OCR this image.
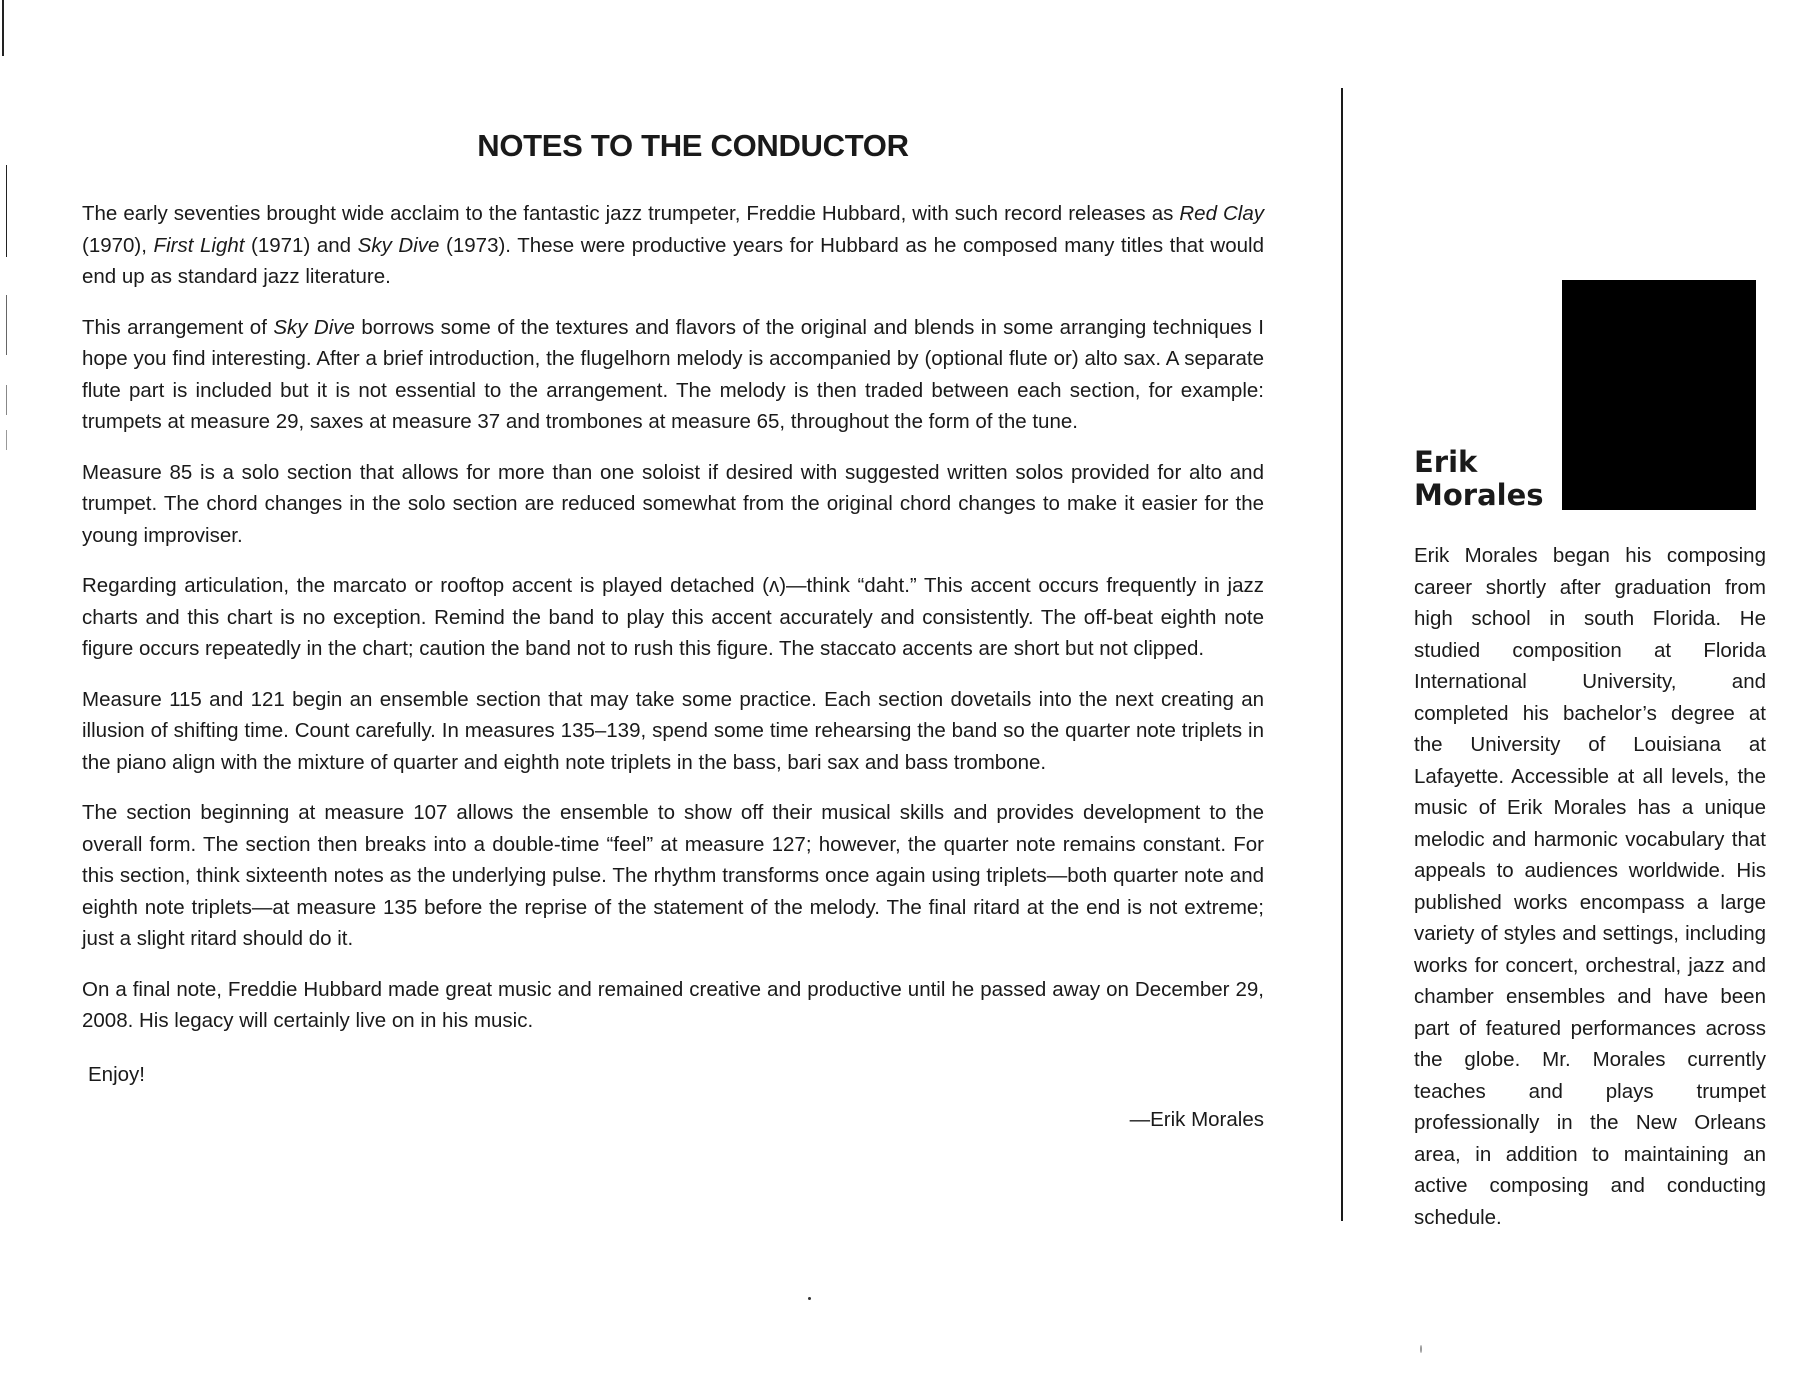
NOTES TO THE CONDUCTOR

The early seventies brought wide acclaim to the fantastic jazz trumpeter, Freddie Hubbard, with such record releases as Red Clay (1970), First Light (1971) and Sky Dive (1973). These were productive years for Hubbard as he composed many titles that would end up as standard jazz literature.

This arrangement of Sky Dive borrows some of the textures and flavors of the original and blends in some arranging techniques I hope you find interesting. After a brief introduction, the flugelhorn melody is accompanied by (optional flute or) alto sax. A separate flute part is included but it is not essential to the arrangement. The melody is then traded between each section, for example: trumpets at measure 29, saxes at measure 37 and trombones at measure 65, throughout the form of the tune.

Measure 85 is a solo section that allows for more than one soloist if desired with suggested written solos provided for alto and trumpet. The chord changes in the solo section are reduced somewhat from the original chord changes to make it easier for the young improviser.

Regarding articulation, the marcato or rooftop accent is played detached (ʌ)—think “daht.” This accent occurs frequently in jazz charts and this chart is no exception. Remind the band to play this accent accurately and consistently. The off-beat eighth note figure occurs repeatedly in the chart; caution the band not to rush this figure. The staccato accents are short but not clipped.

Measure 115 and 121 begin an ensemble section that may take some practice. Each section dovetails into the next creating an illusion of shifting time. Count carefully. In measures 135–139, spend some time rehearsing the band so the quarter note triplets in the piano align with the mixture of quarter and eighth note triplets in the bass, bari sax and bass trombone.

The section beginning at measure 107 allows the ensemble to show off their musical skills and provides development to the overall form. The section then breaks into a double-time “feel” at measure 127; however, the quarter note remains constant. For this section, think sixteenth notes as the underlying pulse. The rhythm transforms once again using triplets—both quarter note and eighth note triplets—at measure 135 before the reprise of the statement of the melody. The final ritard at the end is not extreme; just a slight ritard should do it.

On a final note, Freddie Hubbard made great music and remained creative and productive until he passed away on December 29, 2008. His legacy will certainly live on in his music.

Enjoy!

—Erik Morales

Erik
Morales

Erik Morales began his composing career shortly after graduation from high school in south Florida. He studied composition at Florida International University, and completed his bachelor’s degree at the University of Louisiana at Lafayette. Accessible at all levels, the music of Erik Morales has a unique melodic and harmonic vocabulary that appeals to audiences worldwide. His published works encompass a large variety of styles and settings, including works for concert, orchestral, jazz and chamber ensembles and have been part of featured performances across the globe. Mr. Morales currently teaches and plays trumpet professionally in the New Orleans area, in addition to maintaining an active composing and conducting schedule.
